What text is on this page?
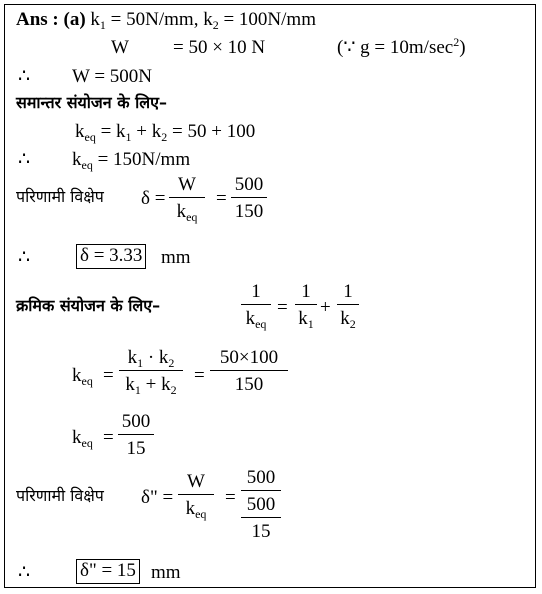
Ans : (a) $k_1 = 50N/mm$, $k_2 = 100N/mm$
W = 50 × 10 N	(∵ $g = 10m/\sec^2$)
∴ W = 500N
समान्तर संयोजन के लिए–
$k_{eq} = k_1 + k_2 = 50 + 100$
∴ $k_{eq} = 150N/mm$
परिणामी विक्षेप δ =
W
$k_{eq}$
=
500
150
∴	δ = 3.33 mm
क्रमिक संयोजन के लिए–
1
$k_{eq}$
=
1
$k_1$
+
1
$k_2$
$k_{eq}$ =
$k_1 \cdot k_2$
$k_1 + k_2$
=
50×100
150
$k_{eq}$ =
500
15
परिणामी विक्षेप δ" =
W
$k_{eq}$
=
500
500
15
∴	δ" = 15 mm
